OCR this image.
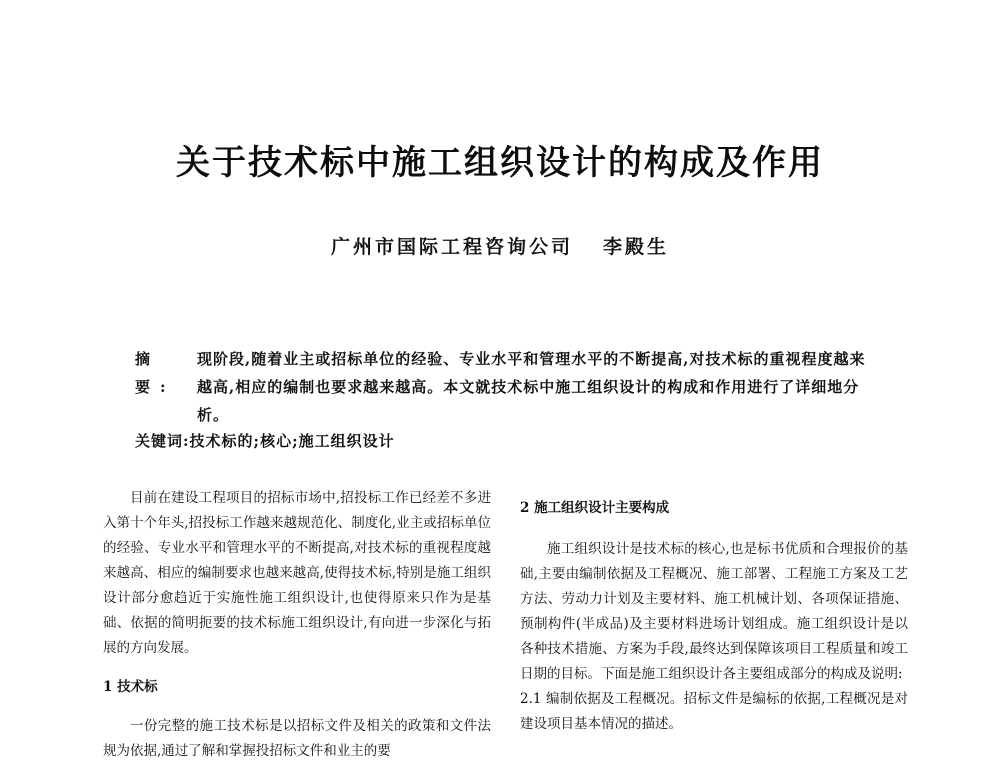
关于技术标中施工组织设计的构成及作用
广州市国际工程咨询公司 李殿生
摘要:
现阶段,随着业主或招标单位的经验、专业水平和管理水平的不断提高,对技术标的重视程度越来越高,相应的编制也要求越来越高。本文就技术标中施工组织设计的构成和作用进行了详细地分析。
关键词:技术标的;核心;施工组织设计

目前在建设工程项目的招标市场中,招投标工作已经差不多进入第十个年头,招投标工作越来越规范化、制度化,业主或招标单位的经验、专业水平和管理水平的不断提高,对技术标的重视程度越来越高、相应的编制要求也越来越高,使得技术标,特别是施工组织设计部分愈趋近于实施性施工组织设计,也使得原来只作为是基础、依据的简明扼要的技术标施工组织设计,有向进一步深化与拓展的方向发展。

1 技术标

一份完整的施工技术标是以招标文件及相关的政策和文件法规为依据,通过了解和掌握投招标文件和业主的要

2 施工组织设计主要构成

施工组织设计是技术标的核心,也是标书优质和合理报价的基础,主要由编制依据及工程概况、施工部署、工程施工方案及工艺方法、劳动力计划及主要材料、施工机械计划、各项保证措施、预制构件(半成品)及主要材料进场计划组成。施工组织设计是以各种技术措施、方案为手段,最终达到保障该项目工程质量和竣工日期的目标。下面是施工组织设计各主要组成部分的构成及说明:

2.1 编制依据及工程概况。招标文件是编标的依据,工程概况是对建设项目基本情况的描述。
